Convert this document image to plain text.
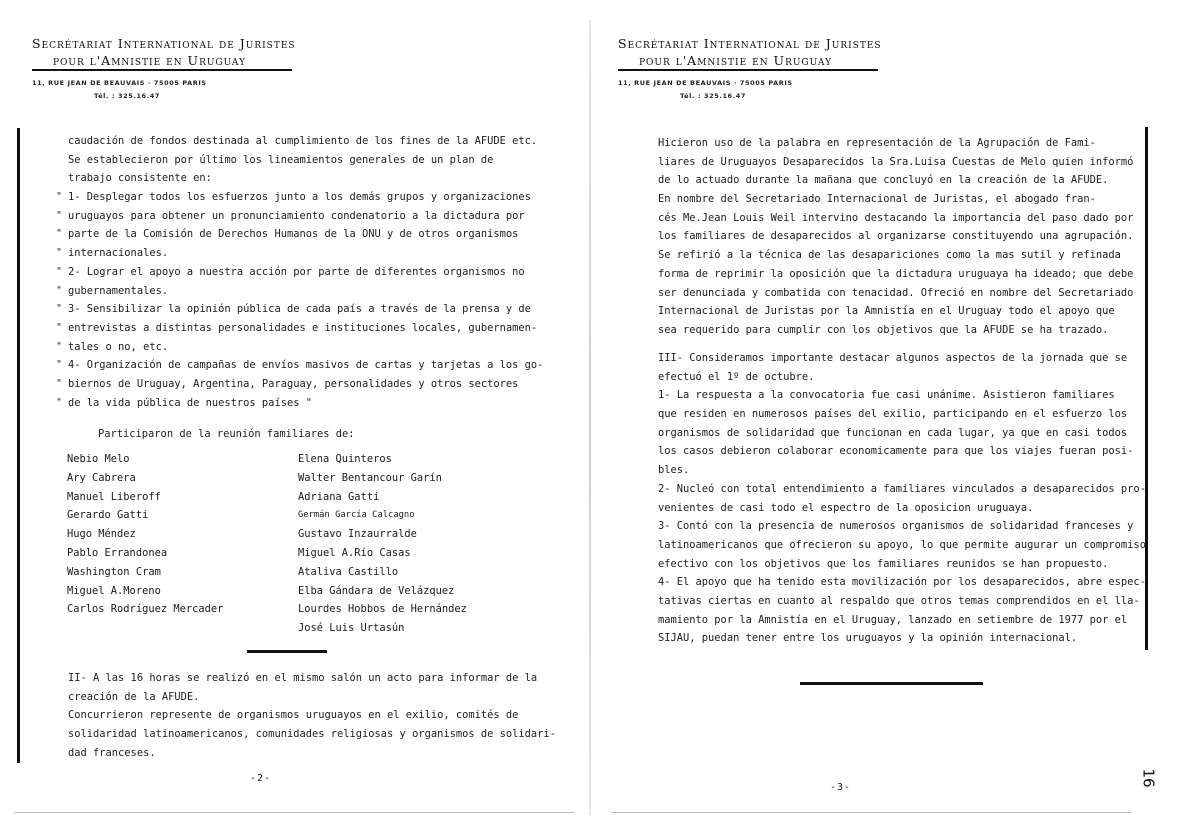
Secrétariat International de Juristes

pour l'Amnistie en Uruguay

11, RUE JEAN DE BEAUVAIS · 75005 PARIS
Tél. : 325.16.47
caudación de fondos destinada al cumplimiento de los fines de la AFUDE etc.
Se establecieron por último los lineamientos generales de un plan de
trabajo consistente en:
" 1- Desplegar todos los esfuerzos junto a los demás grupos y organizaciones
" uruguayos para obtener un pronunciamiento condenatorio a la dictadura por
" parte de la Comisión de Derechos Humanos de la ONU y de otros organismos
" internacionales.
" 2- Lograr el apoyo a nuestra acción por parte de diferentes organismos no
" gubernamentales.
" 3- Sensibilizar la opinión pública de cada país a través de la prensa y de
" entrevistas a distintas personalidades e instituciones locales, gubernamen-
" tales o no, etc.
" 4- Organización de campañas de envíos masivos de cartas y tarjetas a los go-
" biernos de Uruguay, Argentina, Paraguay, personalidades y otros sectores
" de la vida pública de nuestros países "
Participaron de la reunión familiares de:
Nebio Melo
Ary Cabrera
Manuel Liberoff
Gerardo Gatti
Hugo Méndez
Pablo Errandonea
Washington Cram
Miguel A.Moreno
Carlos Rodríguez Mercader
Elena Quinteros
Walter Bentancour Garín
Adriana Gatti
Germán García Calcagno
Gustavo Inzaurralde
Miguel A.Río Casas
Ataliva Castillo
Elba Gándara de Velázquez
Lourdes Hobbos de Hernández
José Luis Urtasún
II- A las 16 horas se realizó en el mismo salón un acto para informar de la
creación de la AFUDE.
Concurrieron represente de organismos uruguayos en el exilio, comités de
solidaridad latinoamericanos, comunidades religiosas y organismos de solidari-
dad franceses.
-2-

Secrétariat International de Juristes

pour l'Amnistie en Uruguay

11, RUE JEAN DE BEAUVAIS · 75005 PARIS
Tél. : 325.16.47
Hicieron uso de la palabra en representación de la Agrupación de Fami-
liares de Uruguayos Desaparecidos la Sra.Luisa Cuestas de Melo quien informó
de lo actuado durante la mañana que concluyó en la creación de la AFUDE.
En nombre del Secretariado Internacional de Juristas, el abogado fran-
cés Me.Jean Louis Weil intervino destacando la importancia del paso dado por
los familiares de desaparecidos al organizarse constituyendo una agrupación.
Se refirió a la técnica de las desapariciones como la mas sutil y refinada
forma de reprimir la oposición que la dictadura uruguaya ha ideado; que debe
ser denunciada y combatida con tenacidad. Ofreció en nombre del Secretariado
Internacional de Juristas por la Amnistía en el Uruguay todo el apoyo que
sea requerido para cumplir con los objetivos que la AFUDE se ha trazado.
III- Consideramos importante destacar algunos aspectos de la jornada que se
efectuó el 1º de octubre.
1- La respuesta a la convocatoria fue casi unánime. Asistieron familiares
que residen en numerosos países del exilio, participando en el esfuerzo los
organismos de solidaridad que funcionan en cada lugar, ya que en casi todos
los casos debieron colaborar economicamente para que los viajes fueran posi-
bles.
2- Nucleó con total entendimiento a familiares vinculados a desaparecidos pro-
venientes de casi todo el espectro de la oposicion uruguaya.
3- Contó con la presencia de numerosos organismos de solidaridad franceses y
latinoamericanos que ofrecieron su apoyo, lo que permite augurar un compromiso
efectivo con los objetivos que los familiares reunidos se han propuesto.
4- El apoyo que ha tenido esta movilización por los desaparecidos, abre espec-
tativas ciertas en cuanto al respaldo que otros temas comprendidos en el lla-
mamiento por la Amnistía en el Uruguay, lanzado en setiembre de 1977 por el
SIJAU, puedan tener entre los uruguayos y la opinión internacional.
-3-	16
